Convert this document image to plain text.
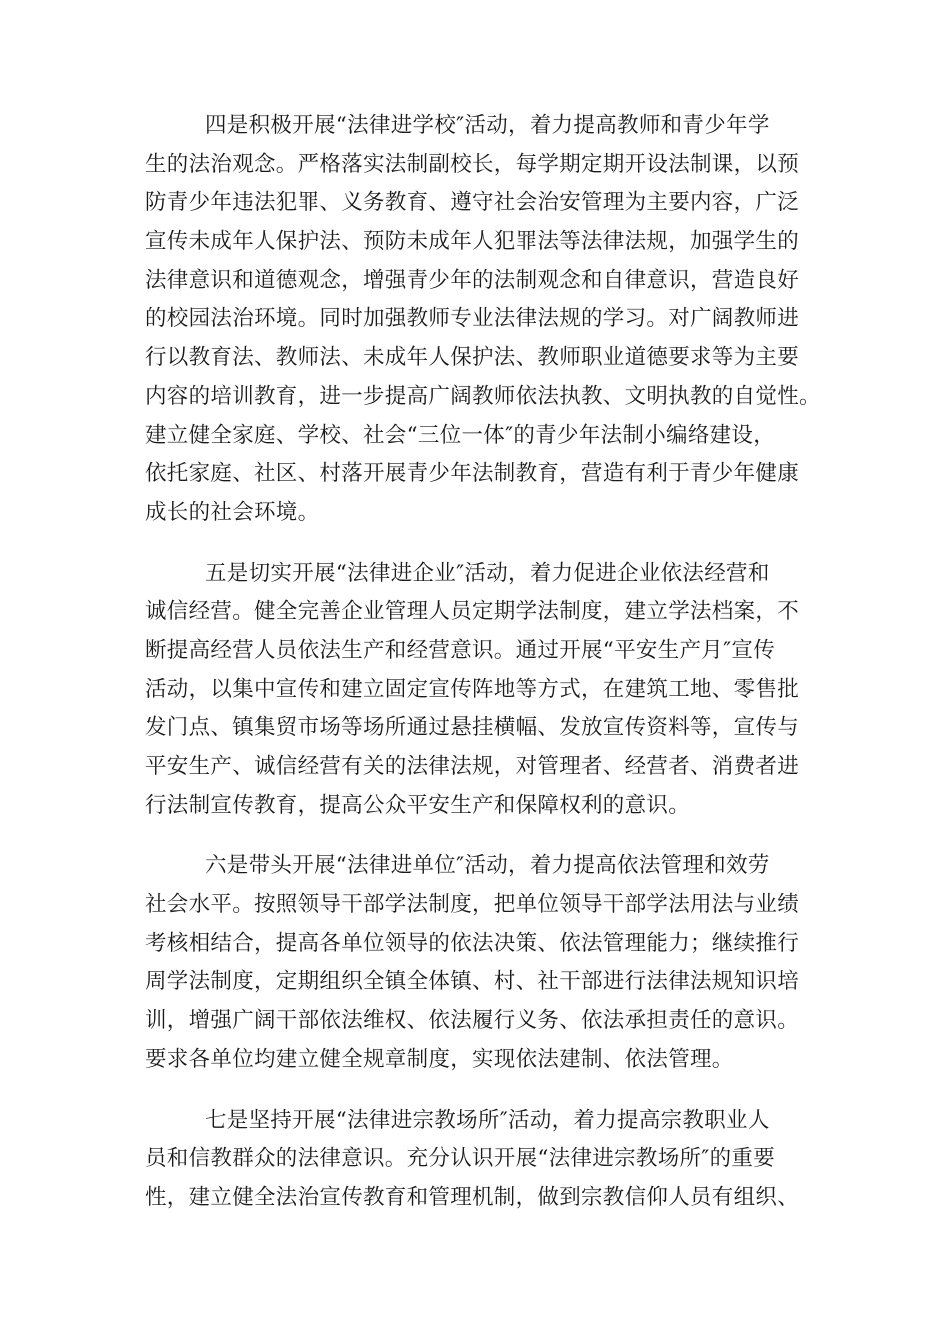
四是积极开展“法律进学校″活动，着力提高教师和青少年学
生的法治观念。严格落实法制副校长，每学期定期开设法制课，以预
防青少年违法犯罪、义务教育、遵守社会治安管理为主要内容，广泛
宣传未成年人保护法、预防未成年人犯罪法等法律法规，加强学生的
法律意识和道德观念，增强青少年的法制观念和自律意识，营造良好
的校园法治环境。同时加强教师专业法律法规的学习。对广阔教师进
行以教育法、教师法、未成年人保护法、教师职业道德要求等为主要
内容的培训教育，进一步提高广阔教师依法执教、文明执教的自觉性。
建立健全家庭、学校、社会“三位一体″的青少年法制小编络建设，
依托家庭、社区、村落开展青少年法制教育，营造有利于青少年健康
成长的社会环境。

五是切实开展“法律进企业″活动，着力促进企业依法经营和
诚信经营。健全完善企业管理人员定期学法制度，建立学法档案，不
断提高经营人员依法生产和经营意识。通过开展“平安生产月″宣传
活动，以集中宣传和建立固定宣传阵地等方式，在建筑工地、零售批
发门点、镇集贸市场等场所通过悬挂横幅、发放宣传资料等，宣传与
平安生产、诚信经营有关的法律法规，对管理者、经营者、消费者进
行法制宣传教育，提高公众平安生产和保障权利的意识。

六是带头开展“法律进单位″活动，着力提高依法管理和效劳
社会水平。按照领导干部学法制度，把单位领导干部学法用法与业绩
考核相结合，提高各单位领导的依法决策、依法管理能力；继续推行
周学法制度，定期组织全镇全体镇、村、社干部进行法律法规知识培
训，增强广阔干部依法维权、依法履行义务、依法承担责任的意识。
要求各单位均建立健全规章制度，实现依法建制、依法管理。

七是坚持开展“法律进宗教场所″活动，着力提高宗教职业人
员和信教群众的法律意识。充分认识开展“法律进宗教场所″的重要
性，建立健全法治宣传教育和管理机制，做到宗教信仰人员有组织、
